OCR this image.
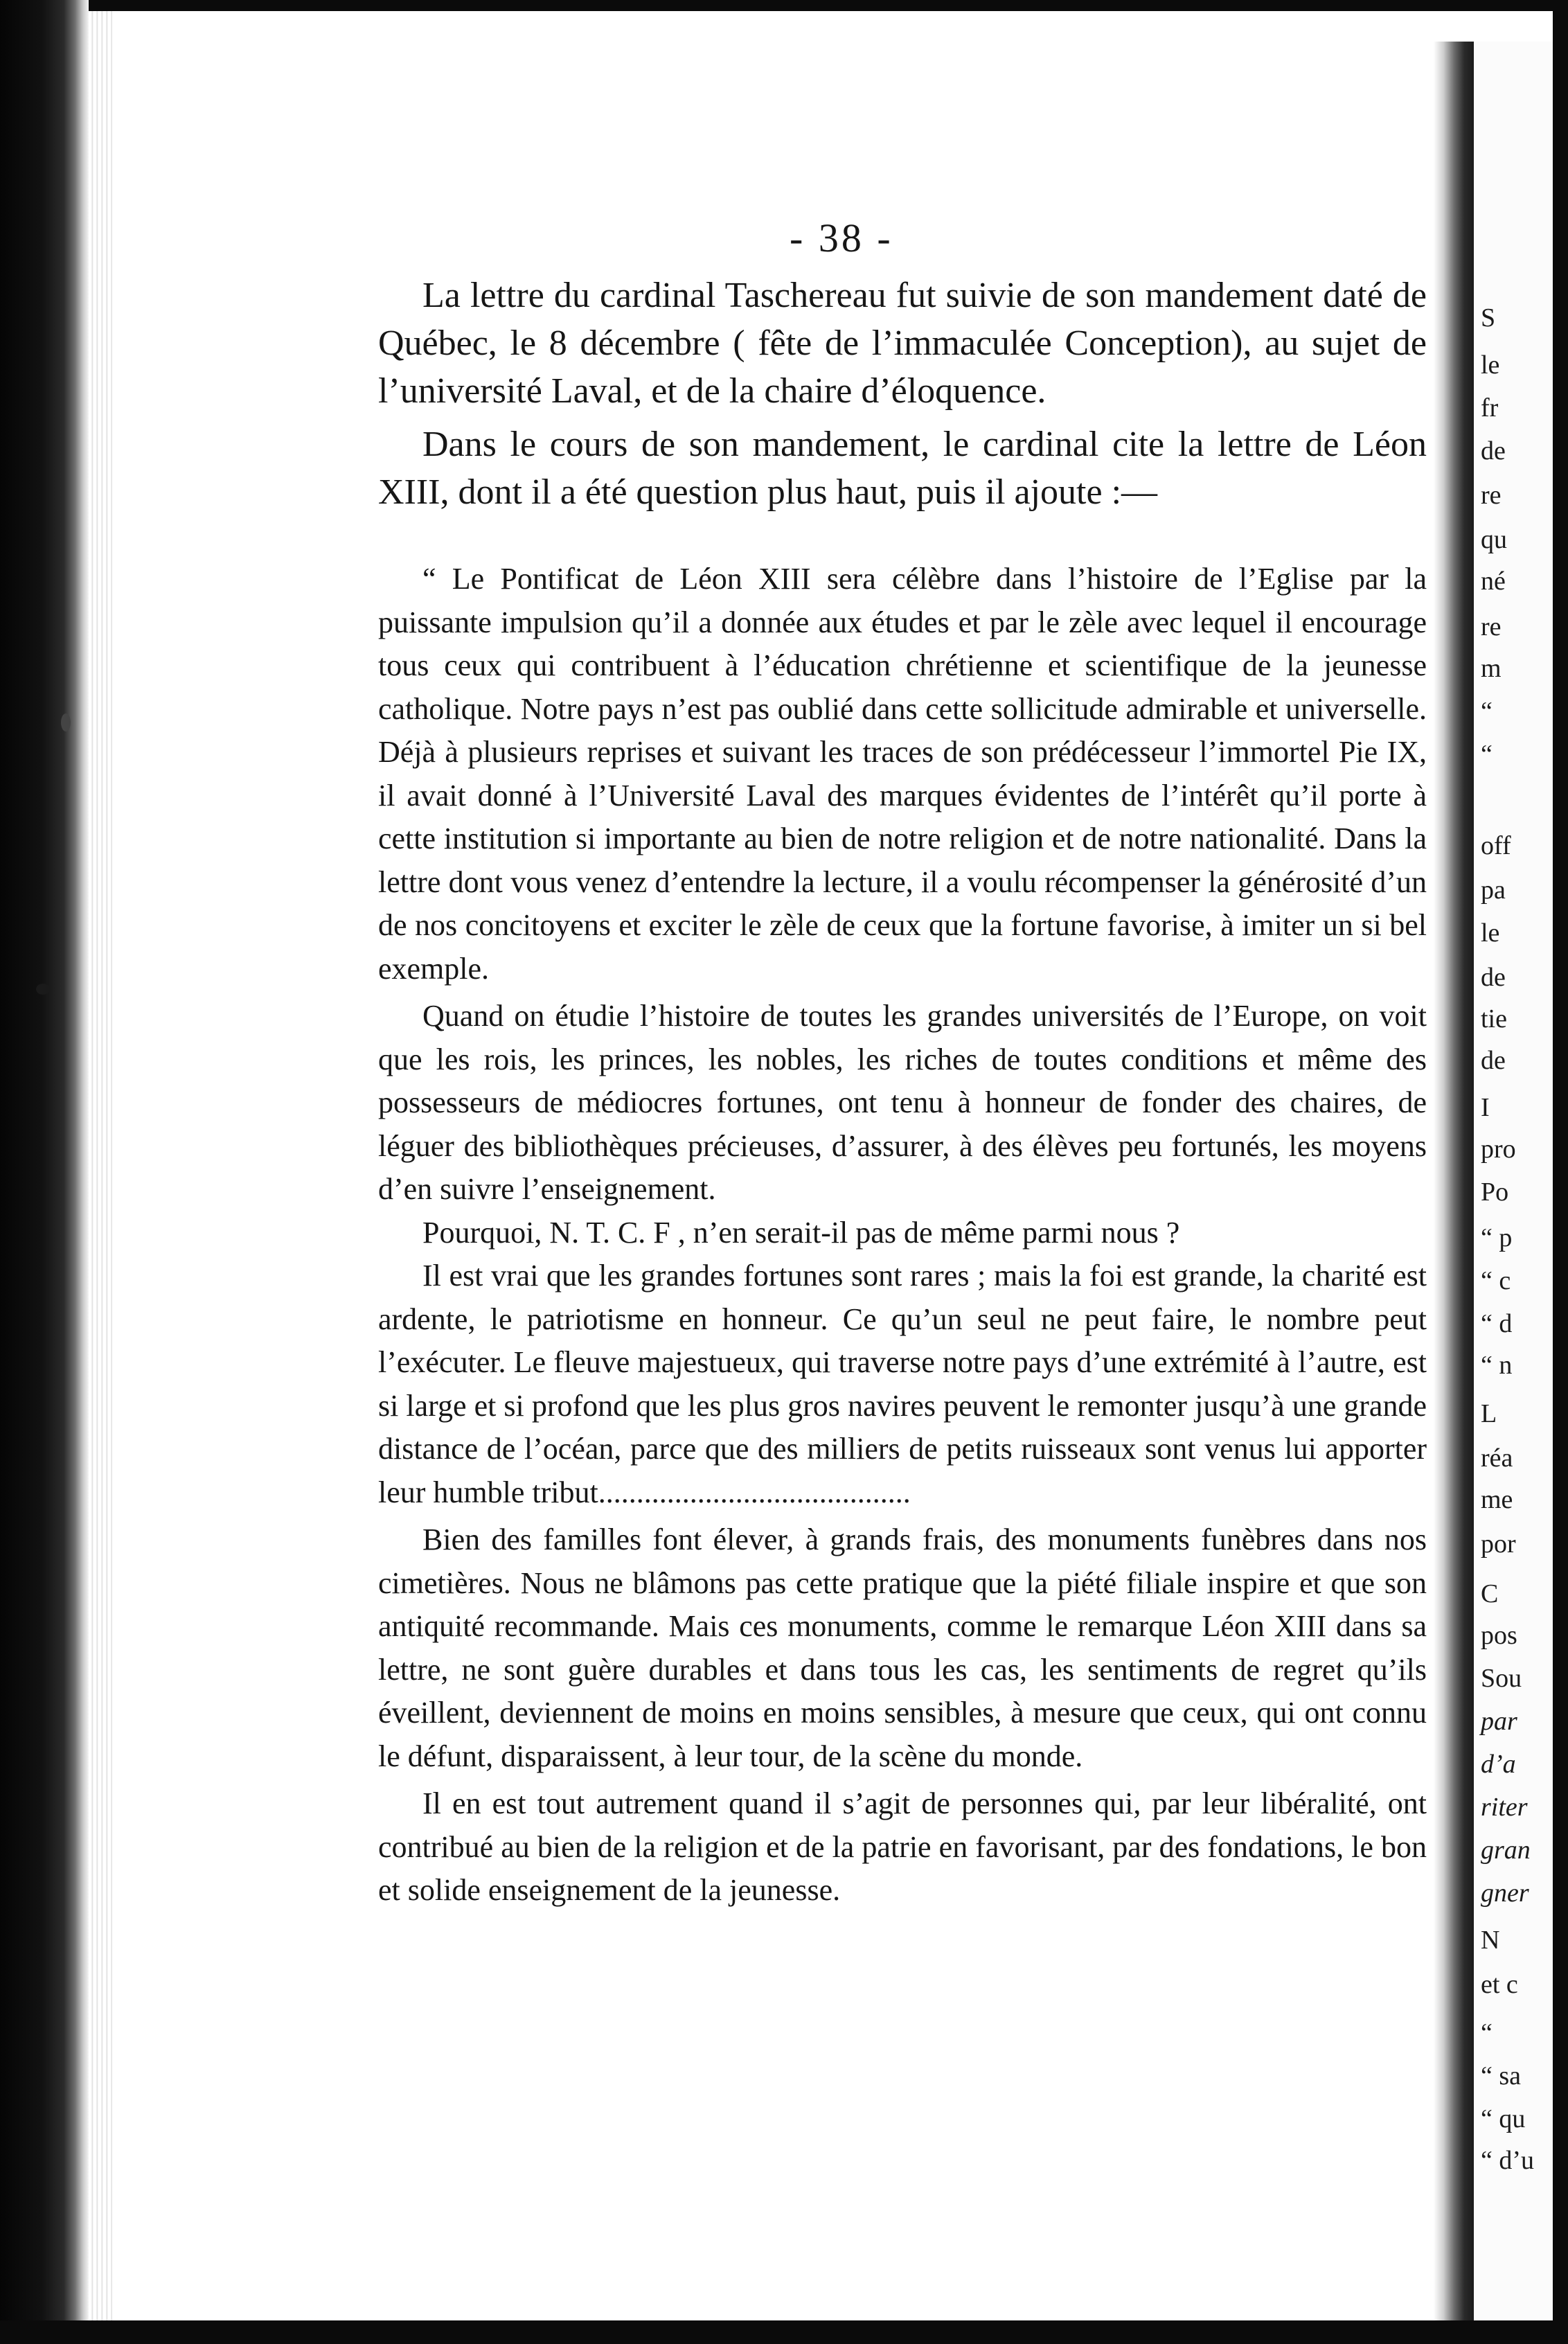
S
le
fr
de
re
qu
né
re
m
“
“
off
pa
le
de
tie
de
I
pro
Po
“ p
“ c
“ d
“ n
L
réa
me
por
C
pos
Sou
par
d’a
riter
gran
gner
N
et c
“
“ sa
“ qu
“ d’u
- 38 -

La lettre du cardinal Taschereau fut suivie de son mandement daté de Québec, le 8 décembre ( fête de l’immaculée Conception), au sujet de l’université Laval, et de la chaire d’éloquence.

Dans le cours de son mandement, le cardinal cite la lettre de Léon XIII, dont il a été question plus haut, puis il ajoute :—

“ Le Pontificat de Léon XIII sera célèbre dans l’histoire de l’Eglise par la puissante impulsion qu’il a donnée aux études et par le zèle avec lequel il encourage tous ceux qui contribuent à l’éducation chrétienne et scientifique de la jeunesse catholique. Notre pays n’est pas oublié dans cette sollicitude admirable et universelle. Déjà à plusieurs reprises et suivant les traces de son prédécesseur l’immortel Pie IX, il avait donné à l’Université Laval des marques évidentes de l’intérêt qu’il porte à cette institution si importante au bien de notre religion et de notre nationalité. Dans la lettre dont vous venez d’entendre la lecture, il a voulu récompenser la générosité d’un de nos concitoyens et exciter le zèle de ceux que la fortune favorise, à imiter un si bel exemple.

Quand on étudie l’histoire de toutes les grandes universités de l’Europe, on voit que les rois, les princes, les nobles, les riches de toutes conditions et même des possesseurs de médiocres fortunes, ont tenu à honneur de fonder des chaires, de léguer des bibliothèques précieuses, d’assurer, à des élèves peu fortunés, les moyens d’en suivre l’enseignement.

Pourquoi, N. T. C. F , n’en serait-il pas de même parmi nous ?

Il est vrai que les grandes fortunes sont rares ; mais la foi est grande, la charité est ardente, le patriotisme en honneur. Ce qu’un seul ne peut faire, le nombre peut l’exécuter. Le fleuve majestueux, qui traverse notre pays d’une extrémité à l’autre, est si large et si profond que les plus gros navires peuvent le remonter jusqu’à une grande distance de l’océan, parce que des milliers de petits ruisseaux sont venus lui apporter leur humble tribut.........................................

Bien des familles font élever, à grands frais, des monuments funèbres dans nos cimetières. Nous ne blâmons pas cette pratique que la piété filiale inspire et que son antiquité recommande. Mais ces monuments, comme le remarque Léon XIII dans sa lettre, ne sont guère durables et dans tous les cas, les sentiments de regret qu’ils éveillent, deviennent de moins en moins sensibles, à mesure que ceux, qui ont connu le défunt, disparaissent, à leur tour, de la scène du monde.

Il en est tout autrement quand il s’agit de personnes qui, par leur libéralité, ont contribué au bien de la religion et de la patrie en favorisant, par des fondations, le bon et solide enseignement de la jeunesse.
